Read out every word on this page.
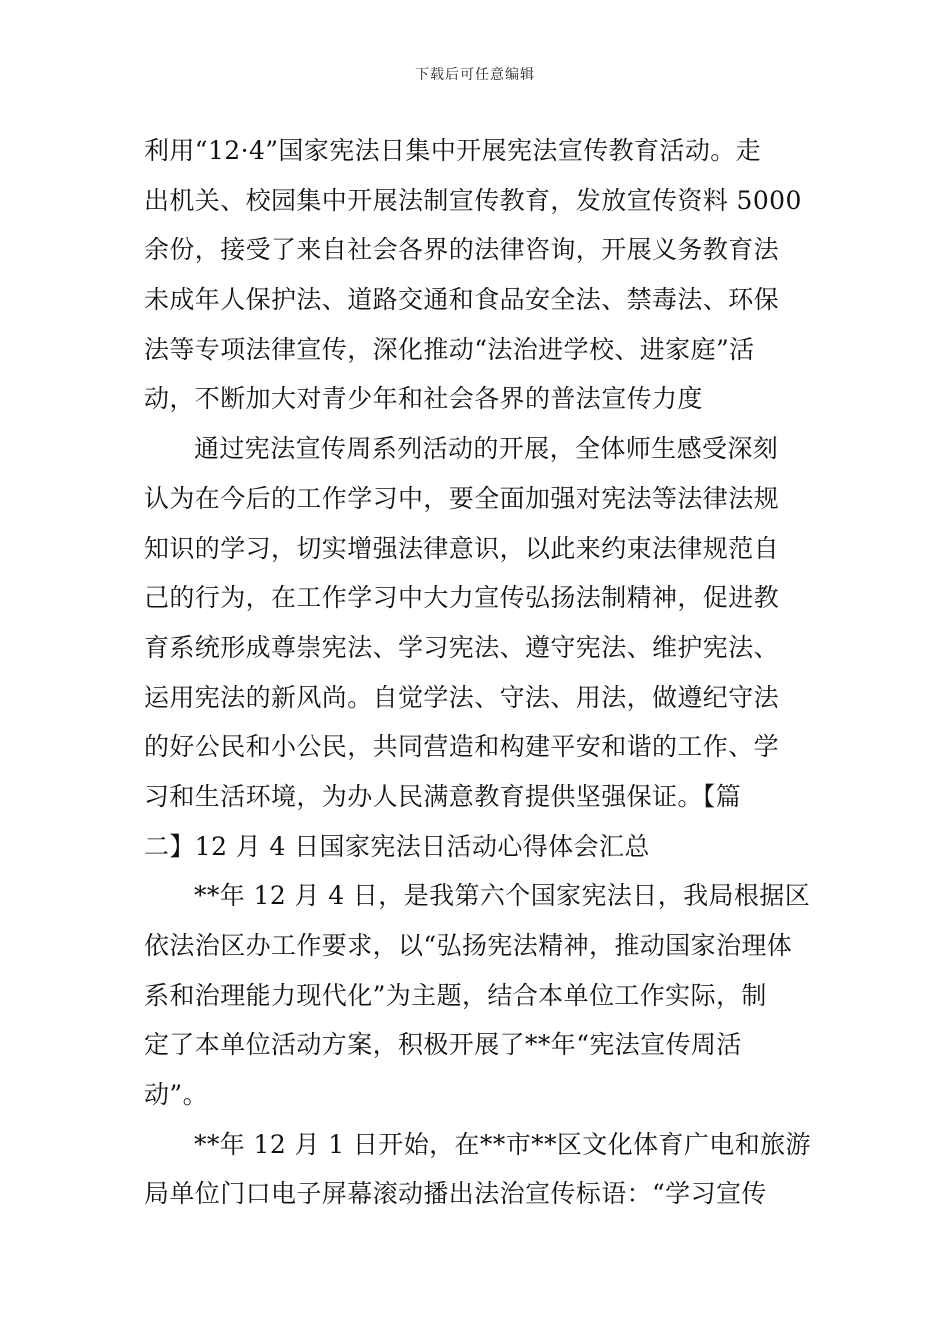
下载后可任意编辑
利用“12·4”国家宪法日集中开展宪法宣传教育活动。走
出机关、校园集中开展法制宣传教育，发放宣传资料 5000
余份，接受了来自社会各界的法律咨询，开展义务教育法
未成年人保护法、道路交通和食品安全法、禁毒法、环保
法等专项法律宣传，深化推动“法治进学校、进家庭”活
动，不断加大对青少年和社会各界的普法宣传力度
通过宪法宣传周系列活动的开展，全体师生感受深刻
认为在今后的工作学习中，要全面加强对宪法等法律法规
知识的学习，切实增强法律意识，以此来约束法律规范自
己的行为，在工作学习中大力宣传弘扬法制精神，促进教
育系统形成尊崇宪法、学习宪法、遵守宪法、维护宪法、
运用宪法的新风尚。自觉学法、守法、用法，做遵纪守法
的好公民和小公民，共同营造和构建平安和谐的工作、学
习和生活环境，为办人民满意教育提供坚强保证。【篇
二】12 月 4 日国家宪法日活动心得体会汇总
**年 12 月 4 日，是我第六个国家宪法日，我局根据区
依法治区办工作要求，以“弘扬宪法精神，推动国家治理体
系和治理能力现代化”为主题，结合本单位工作实际，制
定了本单位活动方案，积极开展了**年“宪法宣传周活
动”。
**年 12 月 1 日开始，在**市**区文化体育广电和旅游
局单位门口电子屏幕滚动播出法治宣传标语：“学习宣传
